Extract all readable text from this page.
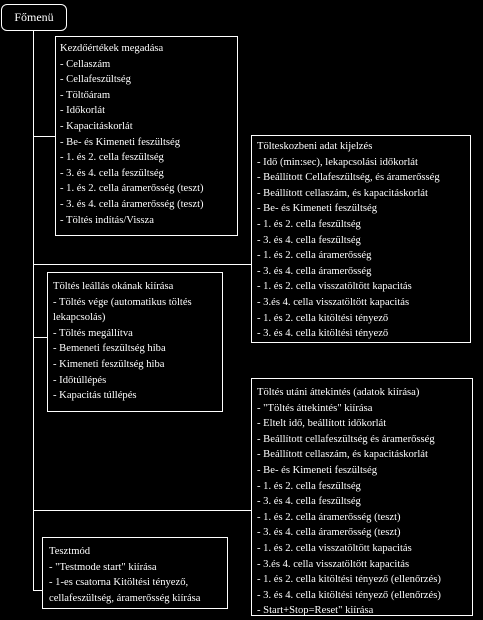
Főmenü
Kezdőértékek megadása
- Cellaszám
- Cellafeszültség
- Töltőáram
- Időkorlát
- Kapacitáskorlát
- Be- és Kimeneti feszültség
- 1. és 2. cella feszültség
- 3. és 4. cella feszültség
- 1. és 2. cella áramerősség (teszt)
- 3. és 4. cella áramerősség (teszt)
- Töltés indítás/Vissza
Tölteskozbeni adat kijelzés
- Idő (min:sec), lekapcsolási időkorlát
- Beállított Cellafeszültség, és áramerősség
- Beállított cellaszám, és kapacitáskorlát
- Be- és Kimeneti feszültség
- 1. és 2. cella feszültség
- 3. és 4. cella feszültség
- 1. és 2. cella áramerősség
- 3. és 4. cella áramerősség
- 1. és 2. cella visszatöltött kapacitás
- 3.és 4. cella visszatöltött kapacitás
- 1. és 2. cella kitöltési tényező
- 3. és 4. cella kitöltési tényező
Töltés leállás okának kiírása
- Töltés vége (automatikus töltés
lekapcsolás)
- Töltés megállítva
- Bemeneti feszültség hiba
- Kimeneti feszültség hiba
- Időtúllépés
- Kapacitás túllépés	Töltés utáni áttekintés (adatok kiírása)
- "Töltés áttekintés" kiírása
- Eltelt idő, beállított időkorlát
- Beállított cellafeszültség és áramerősség
- Beállított cellaszám, és kapacitáskorlát
- Be- és Kimeneti feszültség
- 1. és 2. cella feszültség
- 3. és 4. cella feszültség
- 1. és 2. cella áramerősség (teszt)
- 3. és 4. cella áramerősség (teszt)
- 1. és 2. cella visszatöltött kapacitás
- 3.és 4. cella visszatöltött kapacitás
- 1. és 2. cella kitöltési tényező (ellenőrzés)
- 3. és 4. cella kitöltési tényező (ellenőrzés)
- Start+Stop=Reset" kiírása
Tesztmód
- "Testmode start" kiírása
- 1-es csatorna Kitöltési tényező,
cellafeszültség, áramerősség kiírása
